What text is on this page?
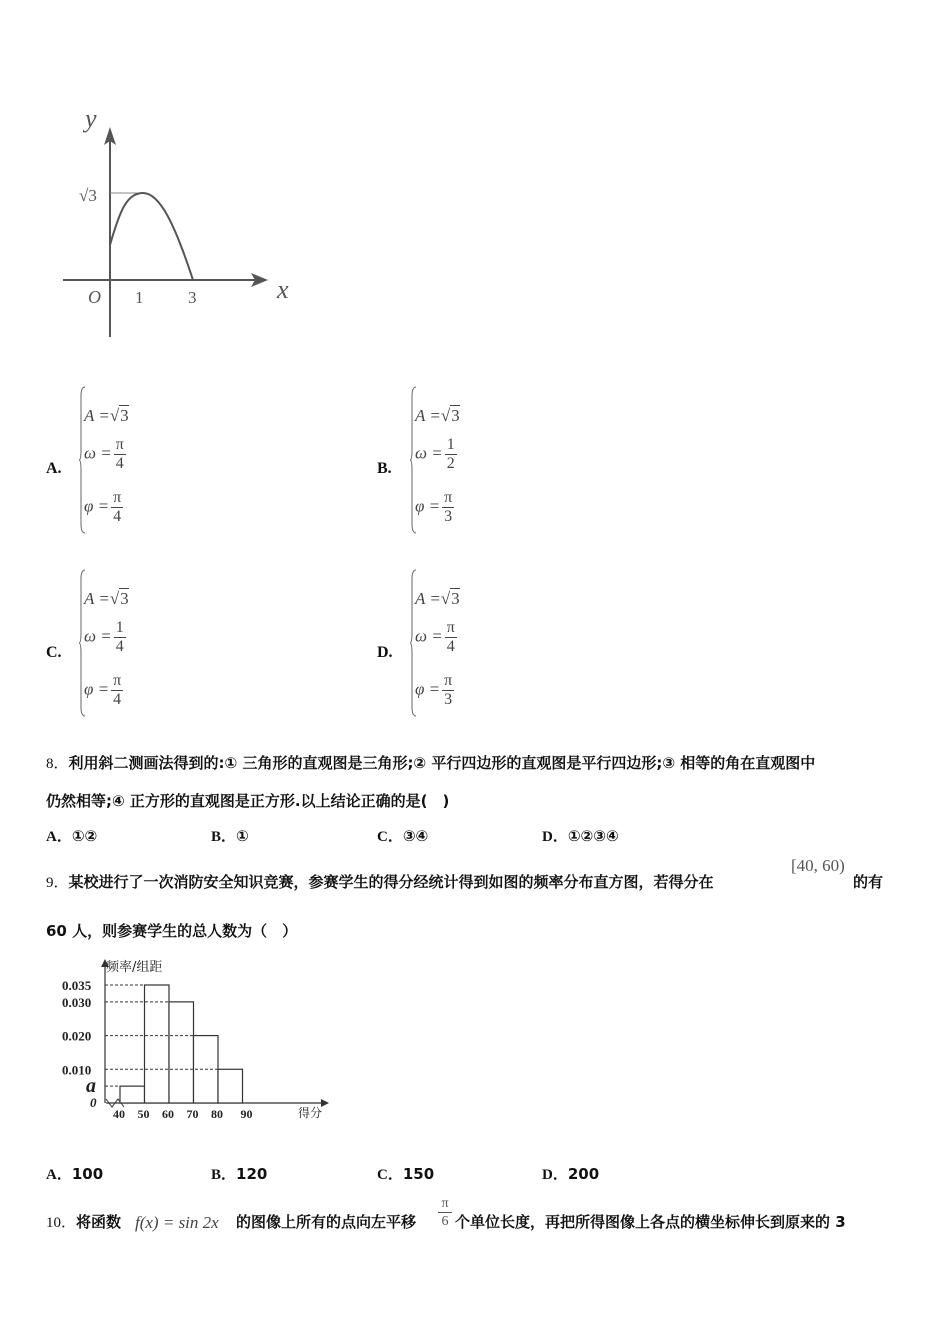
y
x
O 1	3
√3
A.
A =√3
$\omega = \frac{\pi}{4}$
$\varphi = \frac{\pi}{4}$
B.
A =√3
$\omega = \frac{1}{2}$
$\varphi = \frac{\pi}{3}$
C.
A =√3
$\omega = \frac{1}{4}$
$\varphi = \frac{\pi}{4}$
D.
A =√3
$\omega = \frac{\pi}{4}$
$\varphi = \frac{\pi}{3}$
8．利用斜二测画法得到的:① 三角形的直观图是三角形;② 平行四边形的直观图是平行四边形;③ 相等的角在直观图中
仍然相等;④ 正方形的直观图是正方形.以上结论正确的是(　)
A．①②	B．①	C．③④	D．①②③④
9．某校进行了一次消防安全知识竞赛，参赛学生的得分经统计得到如图的频率分布直方图，若得分在
[40, 60)
的有
60 人，则参赛学生的总人数为（　）
0.035
0.030
0.020
0.010
a
0
40 50 60 70 80 90
频率/组距
得分
A．100	B．120	C．150	D．200
10．将函数 f(x) = sin 2x 的图像上所有的点向左平移
π
6 个单位长度，再把所得图像上各点的横坐标伸长到原来的 3
